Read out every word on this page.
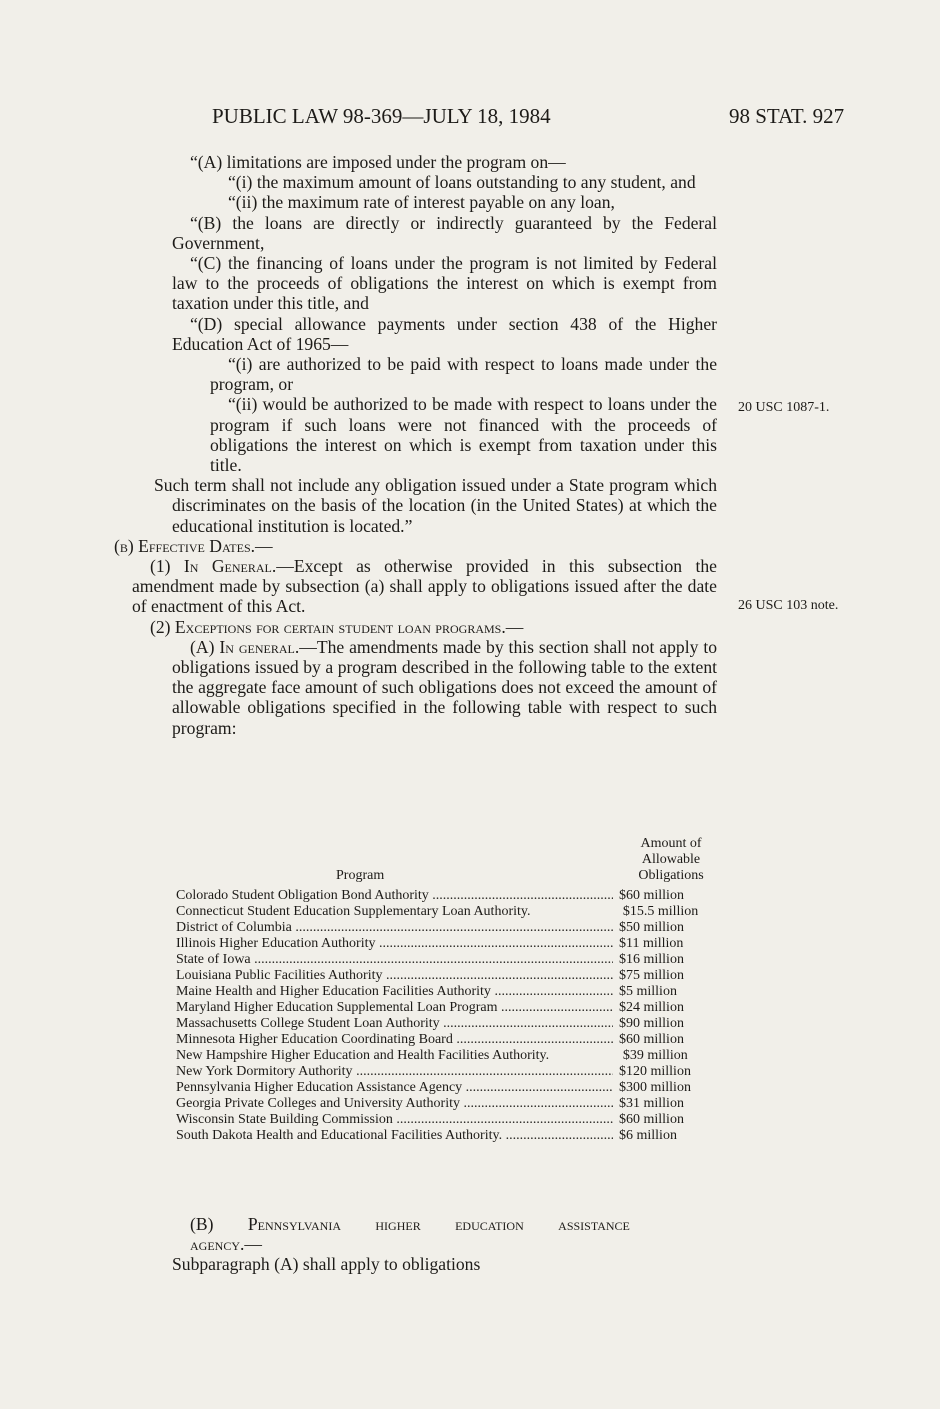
PUBLIC LAW 98-369—JULY 18, 1984	98 STAT. 927
20 USC 1087-1.
26 USC 103 note.

“(A) limitations are imposed under the program on—

“(i) the maximum amount of loans outstanding to any student, and

“(ii) the maximum rate of interest payable on any loan,

“(B) the loans are directly or indirectly guaranteed by the Federal Government,

“(C) the financing of loans under the program is not limited by Federal law to the proceeds of obligations the interest on which is exempt from taxation under this title, and

“(D) special allowance payments under section 438 of the Higher Education Act of 1965—

“(i) are authorized to be paid with respect to loans made under the program, or

“(ii) would be authorized to be made with respect to loans under the program if such loans were not financed with the proceeds of obligations the interest on which is exempt from taxation under this title.

Such term shall not include any obligation issued under a State program which discriminates on the basis of the location (in the United States) at which the educational institution is located.”

(b) Effective Dates.—

(1) In General.—Except as otherwise provided in this subsection the amendment made by subsection (a) shall apply to obligations issued after the date of enactment of this Act.

(2) Exceptions for certain student loan programs.—

(A) In general.—The amendments made by this section shall not apply to obligations issued by a program described in the following table to the extent the aggregate face amount of such obligations does not exceed the amount of allowable obligations specified in the following table with respect to such program:

Program
Amount of
Allowable
Obligations
Colorado Student Obligation Bond Authority .....	$60 million
Connecticut Student Education Supplementary Loan Authority.	$15.5 million
District of Columbia .....	$50 million
Illinois Higher Education Authority .....	$11 million
State of Iowa .....	$16 million
Louisiana Public Facilities Authority .....	$75 million
Maine Health and Higher Education Facilities Authority .....	$5 million
Maryland Higher Education Supplemental Loan Program .....	$24 million
Massachusetts College Student Loan Authority .....	$90 million
Minnesota Higher Education Coordinating Board .....	$60 million
New Hampshire Higher Education and Health Facilities Authority.	$39 million
New York Dormitory Authority .....	$120 million
Pennsylvania Higher Education Assistance Agency .....	$300 million
Georgia Private Colleges and University Authority .....	$31 million
Wisconsin State Building Commission .....	$60 million
South Dakota Health and Educational Facilities Authority. .....	$6 million
(B) Pennsylvania higher education assistance agency.—
Subparagraph (A) shall apply to obligations
